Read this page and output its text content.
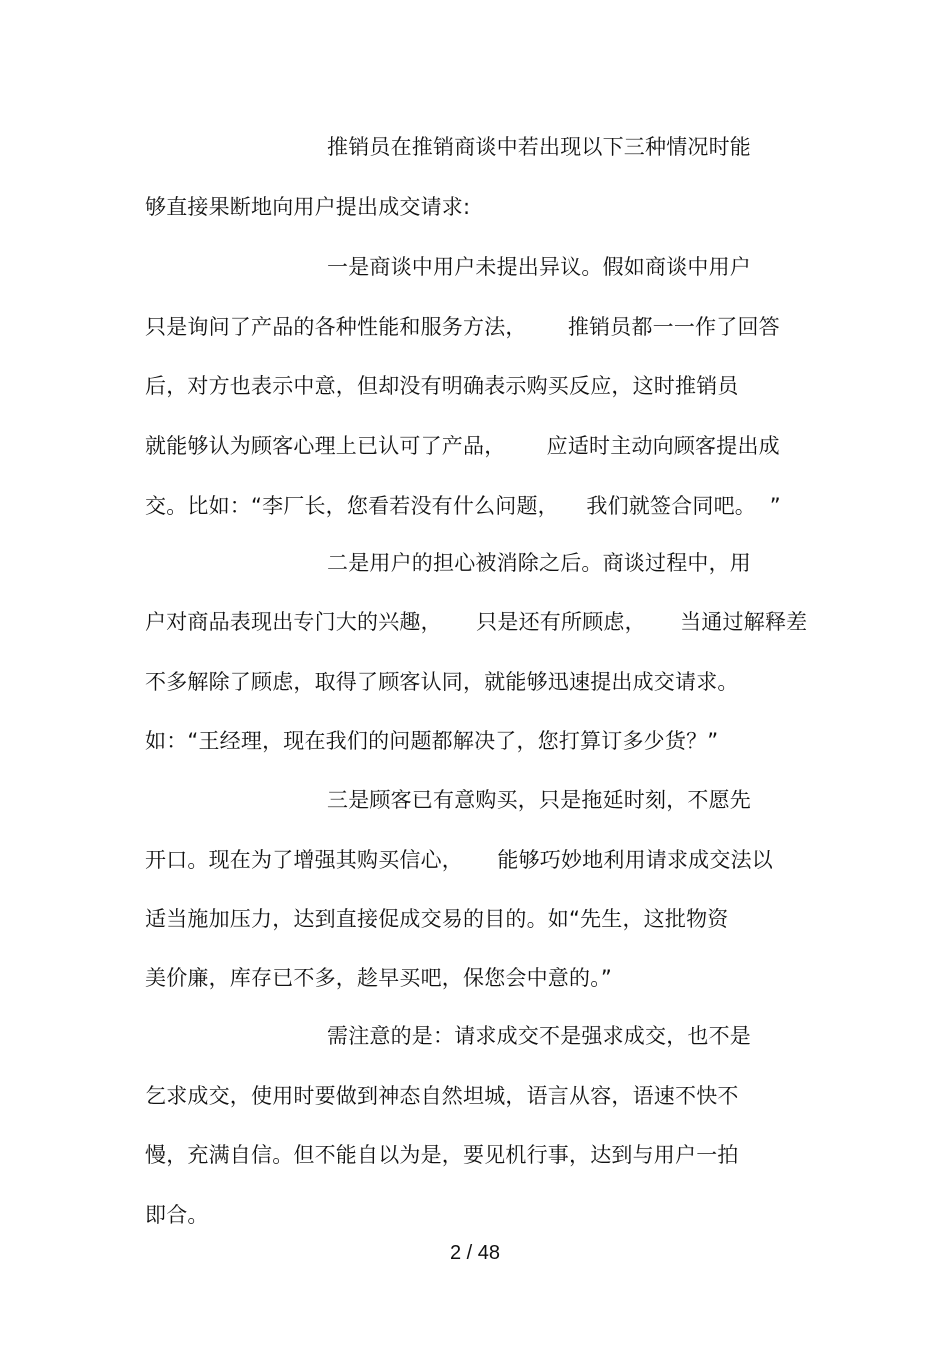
推销员在推销商谈中若出现以下三种情况时能
够直接果断地向用户提出成交请求:
一是商谈中用户未提出异议。假如商谈中用户
只是询问了产品的各种性能和服务方法，      推销员都一一作了回答
后，对方也表示中意，但却没有明确表示购买反应，这时推销员
就能够认为顾客心理上已认可了产品，      应适时主动向顾客提出成
交。比如：“李厂长，您看若没有什么问题，    我们就签合同吧。  ”
二是用户的担心被消除之后。商谈过程中，用
户对商品表现出专门大的兴趣，     只是还有所顾虑，     当通过解释差
不多解除了顾虑，取得了顾客认同，就能够迅速提出成交请求。
如：“王经理，现在我们的问题都解决了，您打算订多少货？”
三是顾客已有意购买，只是拖延时刻，不愿先
开口。现在为了增强其购买信心，     能够巧妙地利用请求成交法以
适当施加压力，达到直接促成交易的目的。如“先生，这批物资
美价廉，库存已不多，趁早买吧，保您会中意的。”
需注意的是：请求成交不是强求成交，也不是
乞求成交，使用时要做到神态自然坦城，语言从容，语速不快不
慢，充满自信。但不能自以为是，要见机行事，达到与用户一拍
即合。
2 / 48
